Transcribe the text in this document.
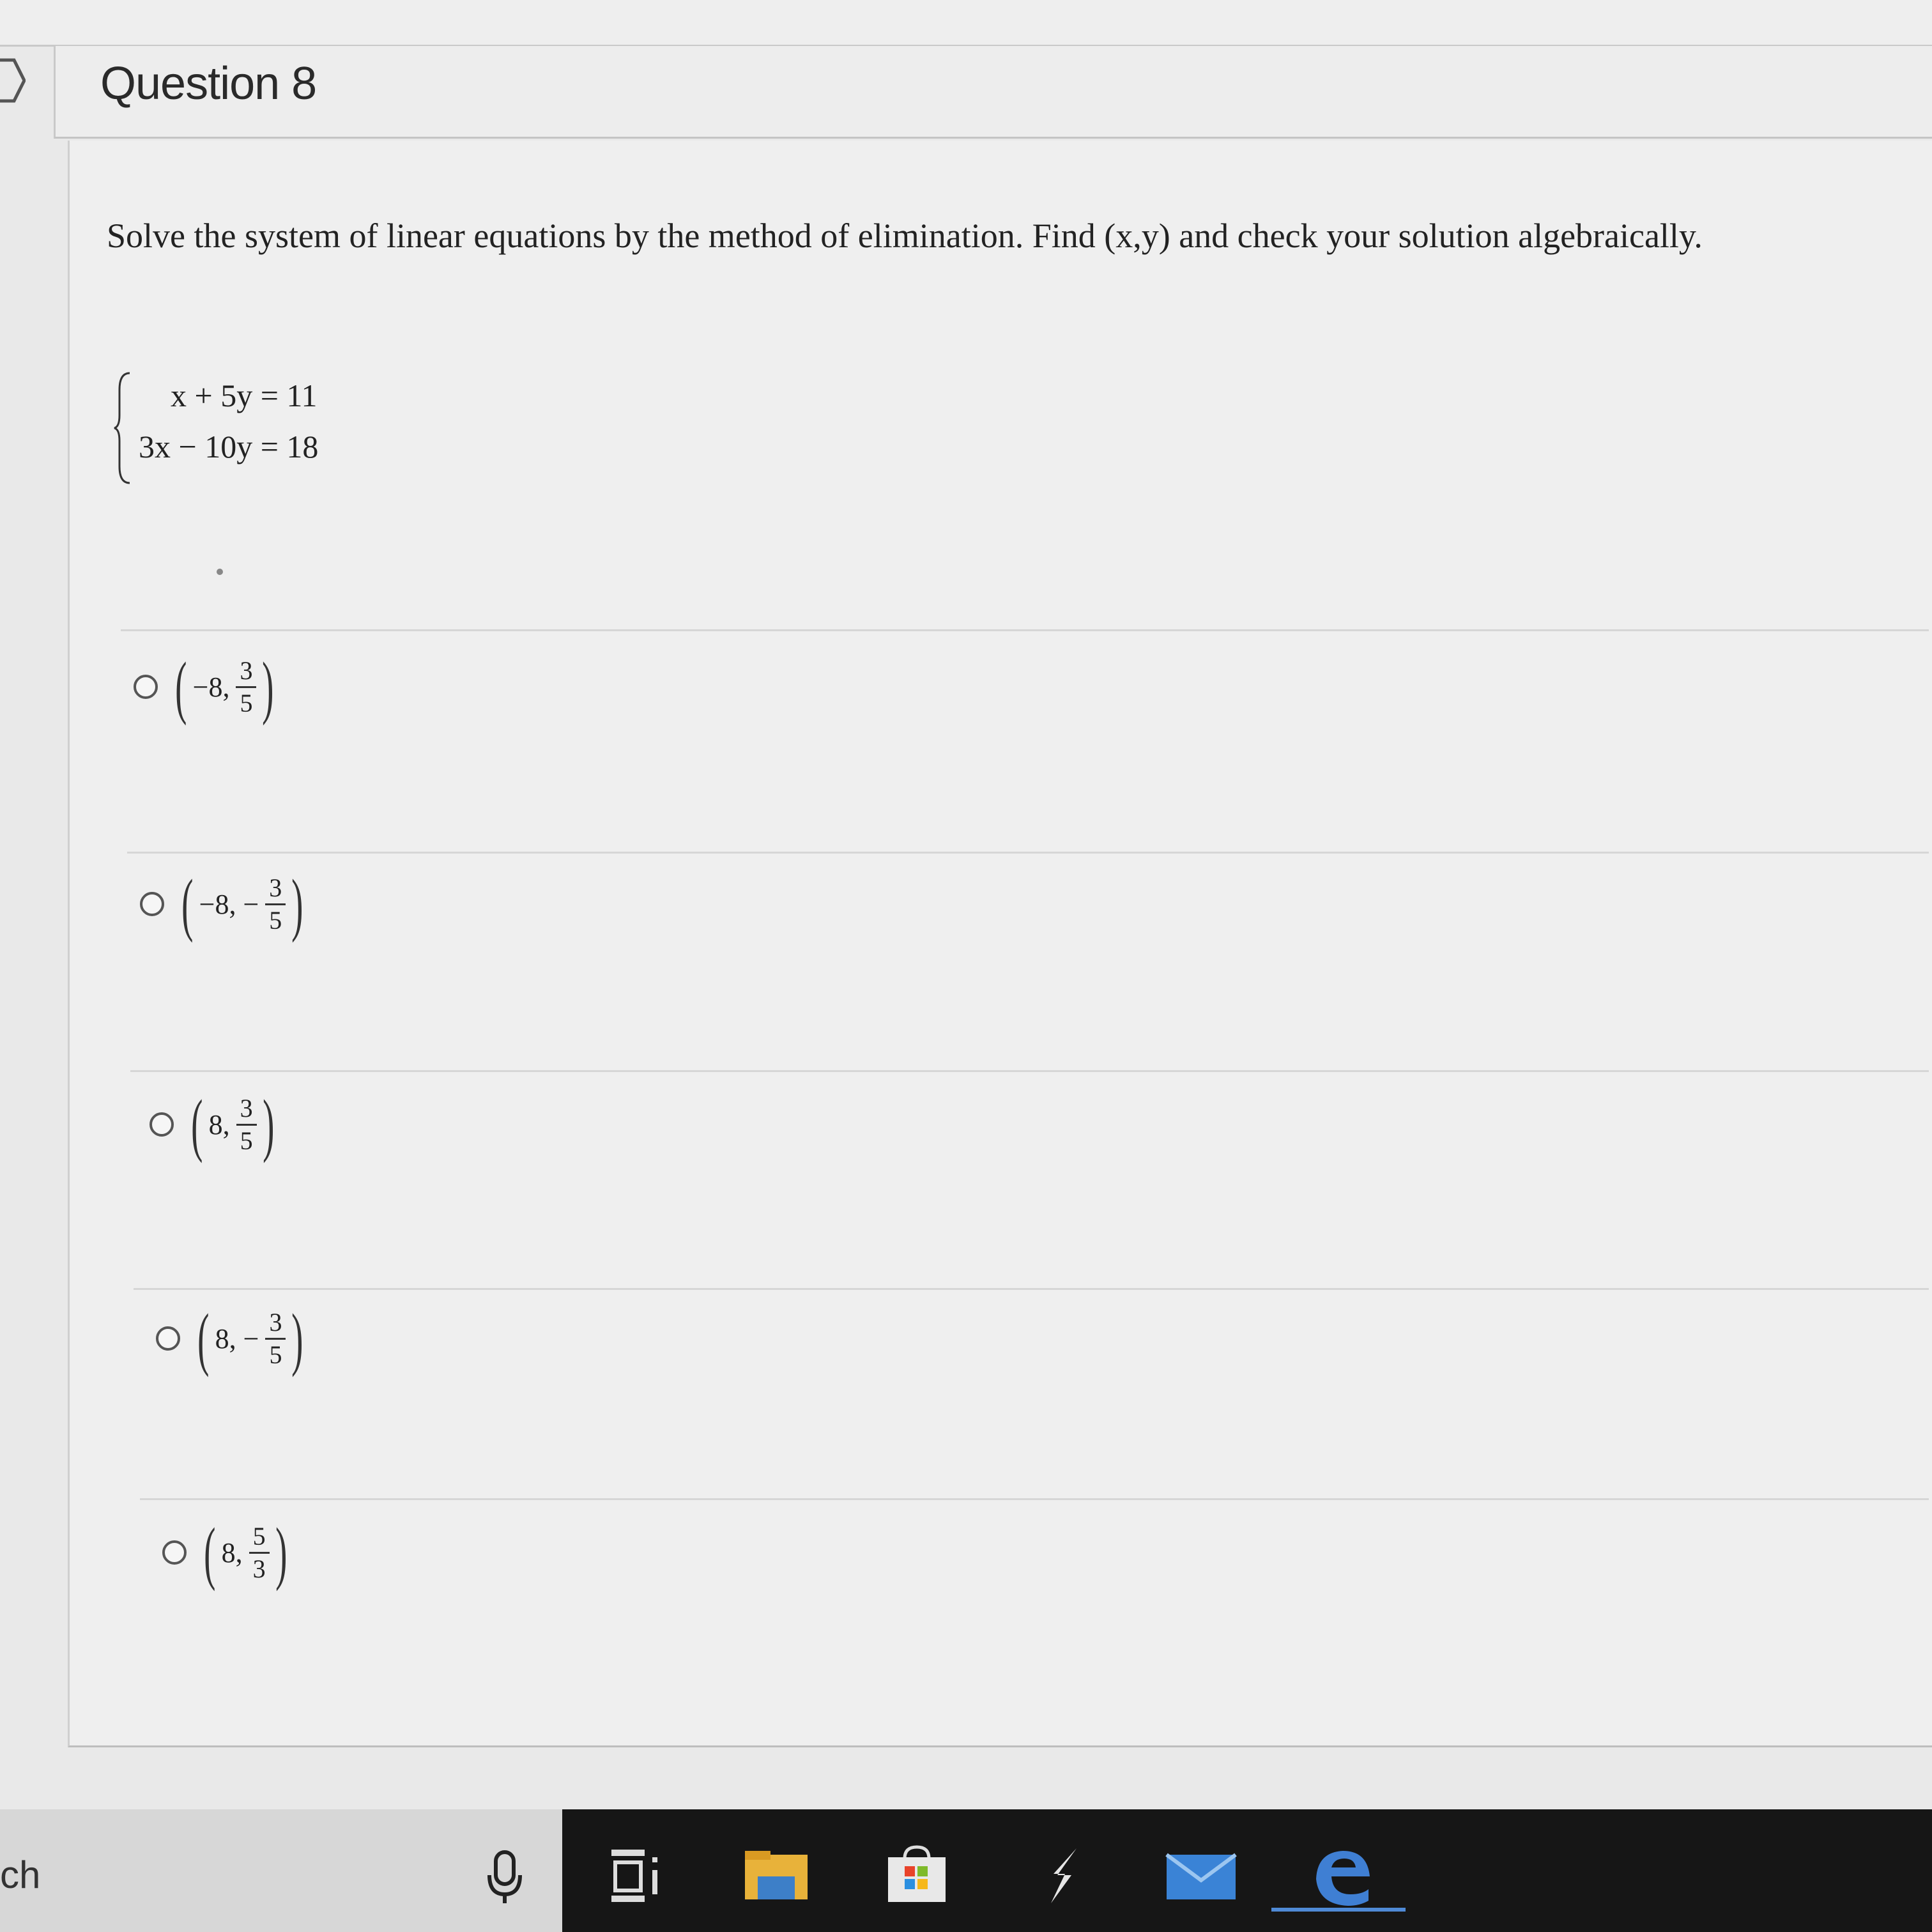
Question 8
Solve the system of linear equations by the method of elimination. Find (x,y) and check your solution algebraically.
x + 5y = 11
3x − 10y = 18
( −8, $\frac{3}{5}$ )
( −8,
− $\frac{3}{5}$ )
( 8, $\frac{3}{5}$ )
( 8,
− $\frac{3}{5}$ )
( 8, $\frac{5}{3}$ )
ch
